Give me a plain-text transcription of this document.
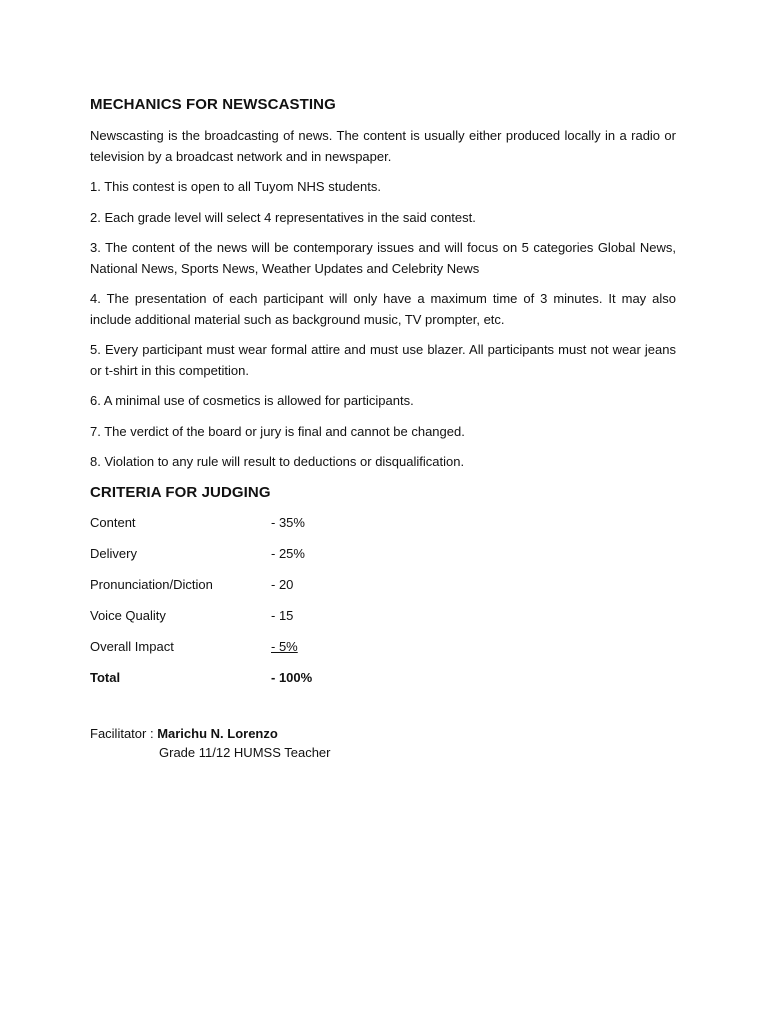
MECHANICS FOR NEWSCASTING

Newscasting is the broadcasting of news. The content is usually either produced locally in a radio or television by a broadcast network and in newspaper.

1. This contest is open to all Tuyom NHS students.

2. Each grade level will select 4 representatives in the said contest.

3. The content of the news will be contemporary issues and will focus on 5 categories Global News, National News, Sports News, Weather Updates and Celebrity News

4. The presentation of each participant will only have a maximum time of 3 minutes. It may also include additional material such as background music, TV prompter, etc.

5. Every participant must wear formal attire and must use blazer. All participants must not wear jeans or t-shirt in this competition.

6. A minimal use of cosmetics is allowed for participants.

7. The verdict of the board or jury is final and cannot be changed.

8. Violation to any rule will result to deductions or disqualification.

CRITERIA FOR JUDGING
Content	- 35%
Delivery	- 25%
Pronunciation/Diction	- 20
Voice Quality	- 15
Overall Impact	- 5%
Total	- 100%
Facilitator : Marichu N. Lorenzo
Grade 11/12 HUMSS Teacher
